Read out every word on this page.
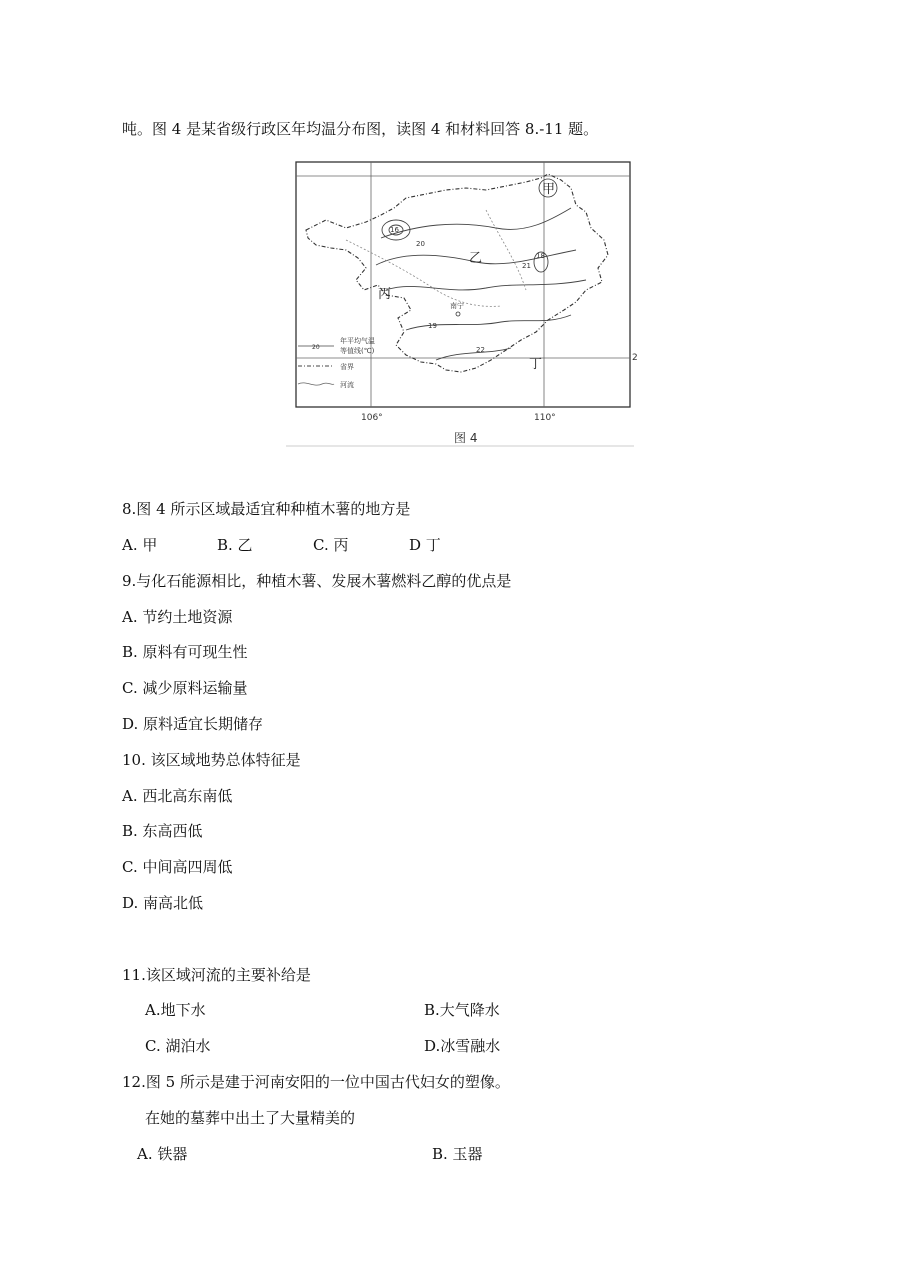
吨。图 4 是某省级行政区年均温分布图，读图 4 和材料回答 8.-11 题。
甲
乙
丙
丁
南宁
20
21
22
18
16
19
20
年平均气温
等值线(℃)
省界
河流
106°	110°
2
图 4
8.图 4 所示区域最适宜种种植木薯的地方是
A. 甲	B. 乙	C. 丙	D 丁
9.与化石能源相比，种植木薯、发展木薯燃料乙醇的优点是
A. 节约土地资源
B. 原料有可现生性
C. 减少原料运输量
D. 原料适宜长期储存
10. 该区域地势总体特征是
A. 西北高东南低
B. 东高西低
C. 中间高四周低
D. 南高北低
11.该区域河流的主要补给是
A.地下水	B.大气降水
C. 湖泊水	D.冰雪融水
12.图 5 所示是建于河南安阳的一位中国古代妇女的塑像。
在她的墓葬中出土了大量精美的
A. 铁器	B. 玉器
